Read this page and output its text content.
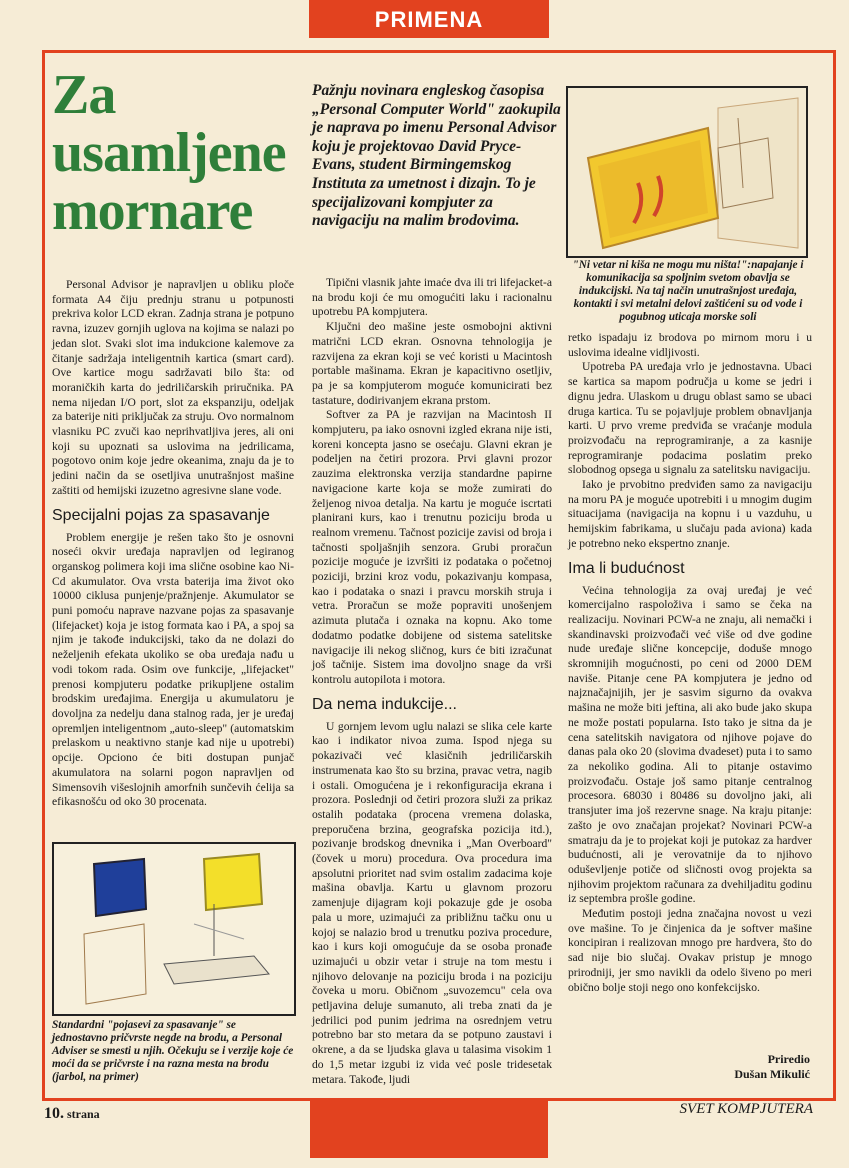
PRIMENA
Za
usamljene
mornare
Pažnju novinara engleskog časopisa „Personal Computer World" zaokupila je naprava po imenu Personal Advisor koju je projektovao David Pryce-Evans, student Birmingemskog Instituta za umetnost i dizajn. To je specijalizovani kompjuter za navigaciju na malim brodovima.
"Ni vetar ni kiša ne mogu mu ništa!":napajanje i komunikacija sa spoljnim svetom obavlja se indukcijski. Na taj način unutrašnjost uređaja, kontakti i svi metalni delovi zaštićeni su od vode i pogubnog uticaja morske soli

Personal Advisor je napravljen u obliku ploče formata A4 čiju prednju stranu u potpunosti prekriva kolor LCD ekran. Zadnja strana je potpuno ravna, izuzev gornjih uglova na kojima se nalazi po jedan slot. Svaki slot ima indukcione kalemove za čitanje sadržaja inteligentnih kartica (smart card). Ove kartice mogu sadržavati bilo šta: od moraničkih karta do jedriličarskih priručnika. PA nema nijedan I/O port, slot za ekspanziju, odeljak za baterije niti priključak za struju. Ovo normalnom vlasniku PC zvuči kao neprihvatljiva jeres, ali oni koji su upoznati sa uslovima na jedrilicama, pogotovo onim koje jedre okeanima, znaju da je to jedini način da se osetljiva unutrašnjost mašine zaštiti od hemijski izuzetno agresivne slane vode.

Specijalni pojas za spasavanje

Problem energije je rešen tako što je osnovni noseći okvir uređaja napravljen od legiranog organskog polimera koji ima slične osobine kao Ni-Cd akumulator. Ova vrsta baterija ima život oko 10000 ciklusa punjenje/pražnjenje. Akumulator se puni pomoću naprave nazvane pojas za spasavanje (lifejacket) koja je istog formata kao i PA, a spoj sa njim je takođe indukcijski, tako da ne dolazi do neželjenih efekata ukoliko se oba uređaja nađu u vodi tokom rada. Osim ove funkcije, „lifejacket" prenosi kompjuteru podatke prikupljene ostalim brodskim uređajima. Energija u akumulatoru je dovoljna za nedelju dana stalnog rada, jer je uređaj opremljen inteligentnom „auto-sleep" (automatskim prelaskom u neaktivno stanje kad nije u upotrebi) opcije. Opciono će biti dostupan punjač akumulatora na solarni pogon napravljen od Simensovih višeslojnih amorfnih sunčevih ćelija sa efikasnošću od oko 30 procenata.

Standardni "pojasevi za spasavanje" se jednostavno pričvrste negde na brodu, a Personal Adviser se smesti u njih. Očekuju se i verzije koje će moći da se pričvrste i na razna mesta na brodu (jarbol, na primer)

Tipični vlasnik jahte imaće dva ili tri lifejacket-a na brodu koji će mu omogućiti laku i racionalnu upotrebu PA kompjutera.

Ključni deo mašine jeste osmobojni aktivni matrični LCD ekran. Osnovna tehnologija je razvijena za ekran koji se već koristi u Macintosh portable mašinama. Ekran je kapacitivno osetljiv, pa je sa kompjuterom moguće komunicirati bez tastature, dodirivanjem ekrana prstom.

Softver za PA je razvijan na Macintosh II kompjuteru, pa iako osnovni izgled ekrana nije isti, koreni koncepta jasno se osećaju. Glavni ekran je podeljen na četiri prozora. Prvi glavni prozor zauzima elektronska verzija standardne papirne navigacione karte koja se može zumirati do željenog nivoa detalja. Na kartu je moguće iscrtati planirani kurs, kao i trenutnu poziciju broda u realnom vremenu. Tačnost pozicije zavisi od broja i tačnosti spoljašnjih senzora. Grubi proračun pozicije moguće je izvršiti iz podataka o početnoj poziciji, brzini kroz vodu, pokazivanju kompasa, kao i podataka o snazi i pravcu morskih struja i vetra. Proračun se može popraviti unošenjem azimuta plutača i oznaka na kopnu. Ako tome dodatmo podatke dobijene od sistema satelitske navigacije ili nekog sličnog, kurs će biti izračunat još tačnije. Sistem ima dovoljno snage da vrši kontrolu autopilota i motora.

Da nema indukcije...

U gornjem levom uglu nalazi se slika cele karte kao i indikator nivoa zuma. Ispod njega su pokazivači već klasičnih jedriličarskih instrumenata kao što su brzina, pravac vetra, nagib i ostali. Omogućena je i rekonfiguracija ekrana i prozora. Poslednji od četiri prozora služi za prikaz ostalih podataka (procena vremena dolaska, preporučena brzina, geografska pozicija itd.), pozivanje brodskog dnevnika i „Man Overboard" (čovek u moru) procedura. Ova procedura ima apsolutni prioritet nad svim ostalim zadacima koje mašina obavlja. Kartu u glavnom prozoru zamenjuje dijagram koji pokazuje gde je osoba pala u more, uzimajući za približnu tačku onu u kojoj se nalazio brod u trenutku poziva procedure, kao i kurs koji omogućuje da se osoba pronađe uzimajući u obzir vetar i struje na tom mestu i njihovo delovanje na poziciju broda i na poziciju čoveka u moru. Običnom „suvozemcu" cela ova petljavina deluje sumanuto, ali treba znati da je jedrilici pod punim jedrima na osrednjem vetru potrebno bar sto metara da se potpuno zaustavi i okrene, a da se ljudska glava u talasima visokim 1 do 1,5 metar izgubi iz vida već posle tridesetak metara. Takođe, ljudi

retko ispadaju iz brodova po mirnom moru i u uslovima idealne vidljivosti.

Upotreba PA uređaja vrlo je jednostavna. Ubaci se kartica sa mapom područja u kome se jedri i dignu jedra. Ulaskom u drugu oblast samo se ubaci druga kartica. Tu se pojavljuje problem obnavljanja karti. U prvo vreme predviđa se vraćanje modula proizvođaču na reprogramiranje, a za kasnije reprogramiranje podacima poslatim preko slobodnog opsega u signalu za satelitsku navigaciju.

Iako je prvobitno predviđen samo za navigaciju na moru PA je moguće upotrebiti i u mnogim dugim situacijama (navigacija na kopnu i u vazduhu, u hemijskim fabrikama, u slučaju pada aviona) kada je potrebno neko ekspertno znanje.

Ima li budućnost

Većina tehnologija za ovaj uređaj je već komercijalno raspoloživa i samo se čeka na realizaciju. Novinari PCW-a ne znaju, ali nemački i skandinavski proizvođači već više od dve godine nude uređaje slične koncepcije, doduše mnogo skromnijih mogućnosti, po ceni od 2000 DEM naviše. Pitanje cene PA kompjutera je jedno od najznačajnijih, jer je sasvim sigurno da ovakva mašina ne može biti jeftina, ali ako bude jako skupa ne može postati popularna. Isto tako je sitna da je cena satelitskih navigatora od njihove pojave do danas pala oko 20 (slovima dvadeset) puta i to samo za nekoliko godina. Ali to pitanje ostavimo proizvođaču. Ostaje još samo pitanje centralnog procesora. 68030 i 80486 su dovoljno jaki, ali transjuter ima još rezervne snage. Na kraju pitanje: zašto je ovo značajan projekat? Novinari PCW-a smatraju da je to projekat koji je putokaz za hardver budućnosti, ali je verovatnije da to njihovo oduševljenje potiče od sličnosti ovog projekta sa njihovim projektom računara za dvehiljaditu godinu iz septembra prošle godine.

Međutim postoji jedna značajna novost u vezi ove mašine. To je činjenica da je softver mašine koncipiran i realizovan mnogo pre hardvera, što do sad nije bio slučaj. Ovakav pristup je mnogo prirodniji, jer smo navikli da odelo šiveno po meri obično bolje stoji nego ono konfekcijsko.

Priredio
Dušan Mikulić
10. strana	SVET KOMPJUTERA
